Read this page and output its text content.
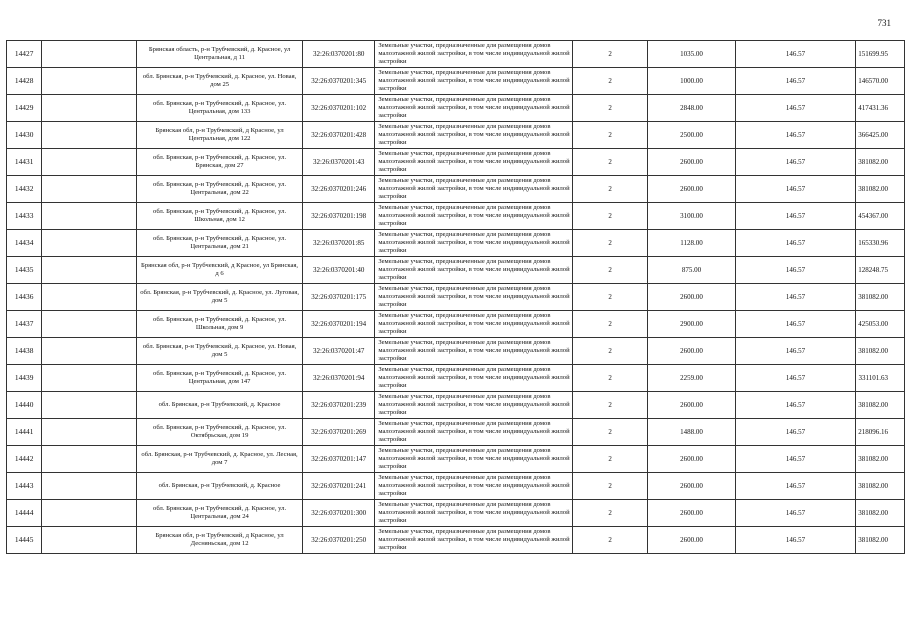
731
14427		Брянская область, р-н Трубчевский, д. Красное, ул Центральная, д 11	32:26:0370201:80	Земельные участки, предназначенные для размещения домов малоэтажной жилой застройки, в том числе индивидуальной жилой застройки	2	1035.00	146.57	151699.95
14428		обл. Брянская, р-н Трубчевский, д. Красное, ул. Новая, дом 25	32:26:0370201:345	Земельные участки, предназначенные для размещения домов малоэтажной жилой застройки, в том числе индивидуальной жилой застройки	2	1000.00	146.57	146570.00
14429		обл. Брянская, р-н Трубчевский, д. Красное, ул. Центральная, дом 133	32:26:0370201:102	Земельные участки, предназначенные для размещения домов малоэтажной жилой застройки, в том числе индивидуальной жилой застройки	2	2848.00	146.57	417431.36
14430		Брянская обл, р-н Трубчевский, д Красное, ул Центральная, дом 122	32:26:0370201:428	Земельные участки, предназначенные для размещения домов малоэтажной жилой застройки, в том числе индивидуальной жилой застройки	2	2500.00	146.57	366425.00
14431		обл. Брянская, р-н Трубчевский, д. Красное, ул. Брянская, дом 27	32:26:0370201:43	Земельные участки, предназначенные для размещения домов малоэтажной жилой застройки, в том числе индивидуальной жилой застройки	2	2600.00	146.57	381082.00
14432		обл. Брянская, р-н Трубчевский, д. Красное, ул. Центральная, дом 22	32:26:0370201:246	Земельные участки, предназначенные для размещения домов малоэтажной жилой застройки, в том числе индивидуальной жилой застройки	2	2600.00	146.57	381082.00
14433		обл. Брянская, р-н Трубчевский, д. Красное, ул. Школьная, дом 12	32:26:0370201:198	Земельные участки, предназначенные для размещения домов малоэтажной жилой застройки, в том числе индивидуальной жилой застройки	2	3100.00	146.57	454367.00
14434		обл. Брянская, р-н Трубчевский, д. Красное, ул. Центральная, дом 21	32:26:0370201:85	Земельные участки, предназначенные для размещения домов малоэтажной жилой застройки, в том числе индивидуальной жилой застройки	2	1128.00	146.57	165330.96
14435		Брянская обл, р-н Трубчевский, д Красное, ул Брянская, д 6	32:26:0370201:40	Земельные участки, предназначенные для размещения домов малоэтажной жилой застройки, в том числе индивидуальной жилой застройки	2	875.00	146.57	128248.75
14436		обл. Брянская, р-н Трубчевский, д. Красное, ул. Луговая, дом 5	32:26:0370201:175	Земельные участки, предназначенные для размещения домов малоэтажной жилой застройки, в том числе индивидуальной жилой застройки	2	2600.00	146.57	381082.00
14437		обл. Брянская, р-н Трубчевский, д. Красное, ул. Школьная, дом 9	32:26:0370201:194	Земельные участки, предназначенные для размещения домов малоэтажной жилой застройки, в том числе индивидуальной жилой застройки	2	2900.00	146.57	425053.00
14438		обл. Брянская, р-н Трубчевский, д. Красное, ул. Новая, дом 5	32:26:0370201:47	Земельные участки, предназначенные для размещения домов малоэтажной жилой застройки, в том числе индивидуальной жилой застройки	2	2600.00	146.57	381082.00
14439		обл. Брянская, р-н Трубчевский, д. Красное, ул. Центральная, дом 147	32:26:0370201:94	Земельные участки, предназначенные для размещения домов малоэтажной жилой застройки, в том числе индивидуальной жилой застройки	2	2259.00	146.57	331101.63
14440		обл. Брянская, р-н Трубчевский, д. Красное	32:26:0370201:239	Земельные участки, предназначенные для размещения домов малоэтажной жилой застройки, в том числе индивидуальной жилой застройки	2	2600.00	146.57	381082.00
14441		обл. Брянская, р-н Трубчевский, д. Красное, ул. Октябрьская, дом 19	32:26:0370201:269	Земельные участки, предназначенные для размещения домов малоэтажной жилой застройки, в том числе индивидуальной жилой застройки	2	1488.00	146.57	218096.16
14442		обл. Брянская, р-н Трубчевский, д. Красное, ул. Лесная, дом 7	32:26:0370201:147	Земельные участки, предназначенные для размещения домов малоэтажной жилой застройки, в том числе индивидуальной жилой застройки	2	2600.00	146.57	381082.00
14443		обл. Брянская, р-н Трубчевский, д. Красное	32:26:0370201:241	Земельные участки, предназначенные для размещения домов малоэтажной жилой застройки, в том числе индивидуальной жилой застройки	2	2600.00	146.57	381082.00
14444		обл. Брянская, р-н Трубчевский, д. Красное, ул. Центральная, дом 24	32:26:0370201:300	Земельные участки, предназначенные для размещения домов малоэтажной жилой застройки, в том числе индивидуальной жилой застройки	2	2600.00	146.57	381082.00
14445		Брянская обл, р-н Трубчевский, д Красное, ул Десняньская, дом 12	32:26:0370201:250	Земельные участки, предназначенные для размещения домов малоэтажной жилой застройки, в том числе индивидуальной жилой застройки	2	2600.00	146.57	381082.00
